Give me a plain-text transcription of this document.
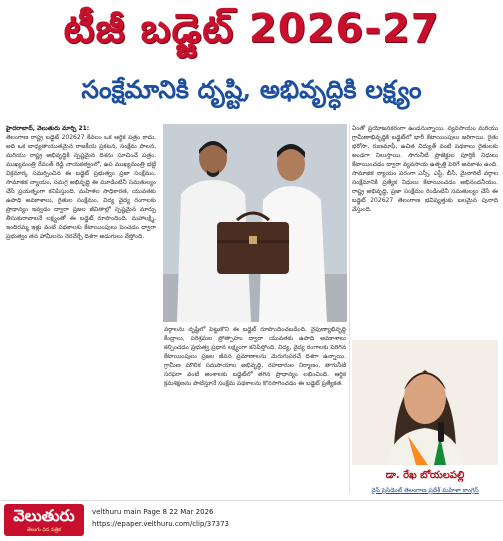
టీజీ బడ్జెట్ 2026-27
సంక్షేమానికి దృష్టి, అభివృద్ధికి లక్ష్యం

హైదరాబాద్, వెలుతురు మార్చి 21:

తెలంగాణ రాష్ట్ర బడ్జెట్ 202627 కేవలం ఒక ఆర్థిక పత్రం కాదు, అది ఒక బాధ్యతాయుతమైన రాజకీయ ప్రకటన, సంక్షేమ పాలన, మరియు రాష్ట్ర అభివృద్ధికి స్పష్టమైన దిశను సూచించే పత్రం. ముఖ్యమంత్రి రేవంత్ రెడ్డి నాయకత్వంలో, ఉప ముఖ్యమంత్రి భట్టి విక్రమార్క సమర్పించిన ఈ బడ్జెట్ ప్రభుత్వం ప్రజా సంక్షేమం, సామాజిక న్యాయం, సమగ్ర అభివృద్ధి ఈ మూడింటినీ సమతుల్యం చేసే ప్రయత్నంగా కనిపిస్తుంది. మహిళల సాధికారత, యువతకు ఉపాధి అవకాశాలు, రైతుల సంక్షేమం, విద్య వైద్య రంగాలకు ప్రాధాన్యం ఇవ్వడం ద్వారా ప్రజల జీవితాల్లో స్పష్టమైన మార్పు తీసుకురావాలనే లక్ష్యంతో ఈ బడ్జెట్ రూపొందింది. మహాలక్ష్మి, ఇందిరమ్మ ఇళ్లు వంటి పథకాలకు కేటాయింపులు పెంచడం ద్వారా ప్రభుత్వం తన హామీలను నెరవేర్చే దిశగా అడుగులు వేస్తోంది.

ఏంతో ప్రయోజనకరంగా ఉండనున్నాయి. వ్యవసాయం మరియు గ్రామీణాభివృద్ధికి బడ్జెట్‌లో భారీ కేటాయింపులు జరిగాయి. రైతు భరోసా, రుణమాఫీ, ఉచిత విద్యుత్ వంటి పథకాలు రైతులకు అండగా నిలుస్తాయి. సాగునీటి ప్రాజెక్టుల పూర్తికి నిధులు కేటాయించడం ద్వారా వ్యవసాయ ఉత్పత్తి పెరిగే అవకాశం ఉంది. సామాజిక న్యాయం పరంగా ఎస్సీ, ఎస్టీ, బీసీ, మైనారిటీ వర్గాల సంక్షేమానికి ప్రత్యేక నిధులు కేటాయించడం అభినందనీయం. రాష్ట్ర అభివృద్ధి, ప్రజా సంక్షేమం రెండింటినీ సమతుల్యం చేసే ఈ బడ్జెట్ 202627 తెలంగాణ భవిష్యత్తుకు బలమైన పునాది వేస్తుంది.

వర్గాలను దృష్టిలో పెట్టుకొని ఈ బడ్జెట్ రూపొందించబడింది. నైపుణ్యాభివృద్ధి కేంద్రాలు, పరిశ్రమల ప్రోత్సాహం ద్వారా యువతకు ఉపాధి అవకాశాలు కల్పించడం ప్రభుత్వ ప్రధాన లక్ష్యంగా కనిపిస్తోంది. విద్య, వైద్య రంగాలకు పెరిగిన కేటాయింపులు ప్రజల జీవన ప్రమాణాలను మెరుగుపరచే దిశగా ఉన్నాయి. గ్రామీణ మౌలిక సదుపాయాల అభివృద్ధి, రహదారుల నిర్మాణం, తాగునీటి సరఫరా వంటి అంశాలకు బడ్జెట్‌లో తగిన ప్రాధాన్యం లభించింది. ఆర్థిక క్రమశిక్షణను పాటిస్తూనే సంక్షేమ పథకాలను కొనసాగించడం ఈ బడ్జెట్ ప్రత్యేకత.

డా. రేఖ బోయలపల్లి
వైస్ ప్రెసిడెంట్ తెలంగాణ ప్రదేశ్ మహిళా కాంగ్రెస్
వెలుతురు
తెలుగు దిన పత్రిక
velthuru main Page 8 22 Mar 2026
https://epaper.velthuru.com/clip/37373
